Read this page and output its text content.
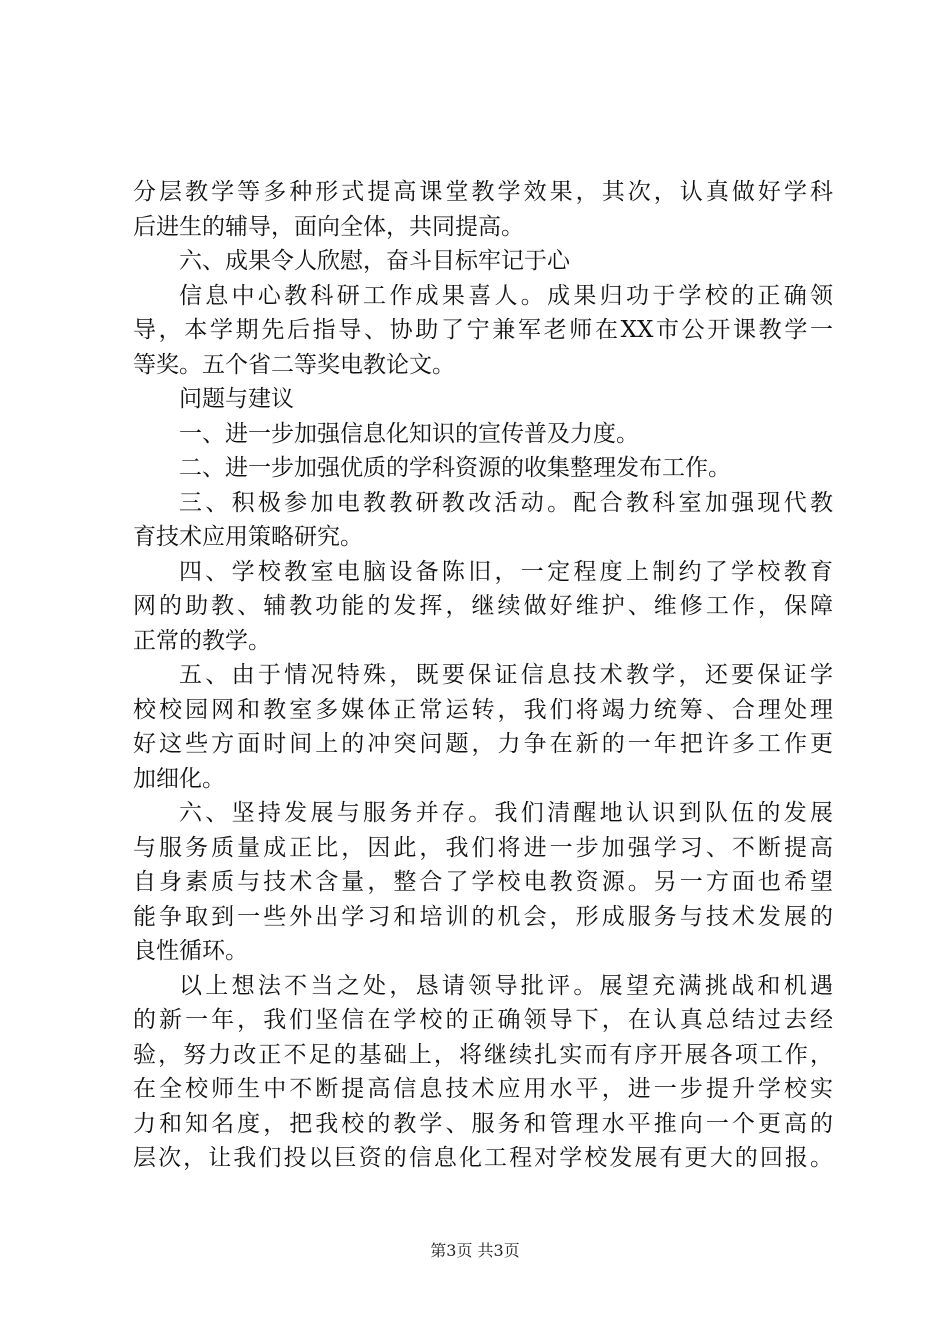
分层教学等多种形式提高课堂教学效果，其次，认真做好学科
后进生的辅导，面向全体，共同提高。
六、成果令人欣慰，奋斗目标牢记于心
信息中心教科研工作成果喜人。成果归功于学校的正确领
导，本学期先后指导、协助了宁兼军老师在XX市公开课教学一
等奖。五个省二等奖电教论文。
问题与建议
一、进一步加强信息化知识的宣传普及力度。
二、进一步加强优质的学科资源的收集整理发布工作。
三、积极参加电教教研教改活动。配合教科室加强现代教
育技术应用策略研究。
四、学校教室电脑设备陈旧，一定程度上制约了学校教育
网的助教、辅教功能的发挥，继续做好维护、维修工作，保障
正常的教学。
五、由于情况特殊，既要保证信息技术教学，还要保证学
校校园网和教室多媒体正常运转，我们将竭力统筹、合理处理
好这些方面时间上的冲突问题，力争在新的一年把许多工作更
加细化。
六、坚持发展与服务并存。我们清醒地认识到队伍的发展
与服务质量成正比，因此，我们将进一步加强学习、不断提高
自身素质与技术含量，整合了学校电教资源。另一方面也希望
能争取到一些外出学习和培训的机会，形成服务与技术发展的
良性循环。
以上想法不当之处，恳请领导批评。展望充满挑战和机遇
的新一年，我们坚信在学校的正确领导下，在认真总结过去经
验，努力改正不足的基础上，将继续扎实而有序开展各项工作，
在全校师生中不断提高信息技术应用水平，进一步提升学校实
力和知名度，把我校的教学、服务和管理水平推向一个更高的
层次，让我们投以巨资的信息化工程对学校发展有更大的回报。
第3页 共3页
